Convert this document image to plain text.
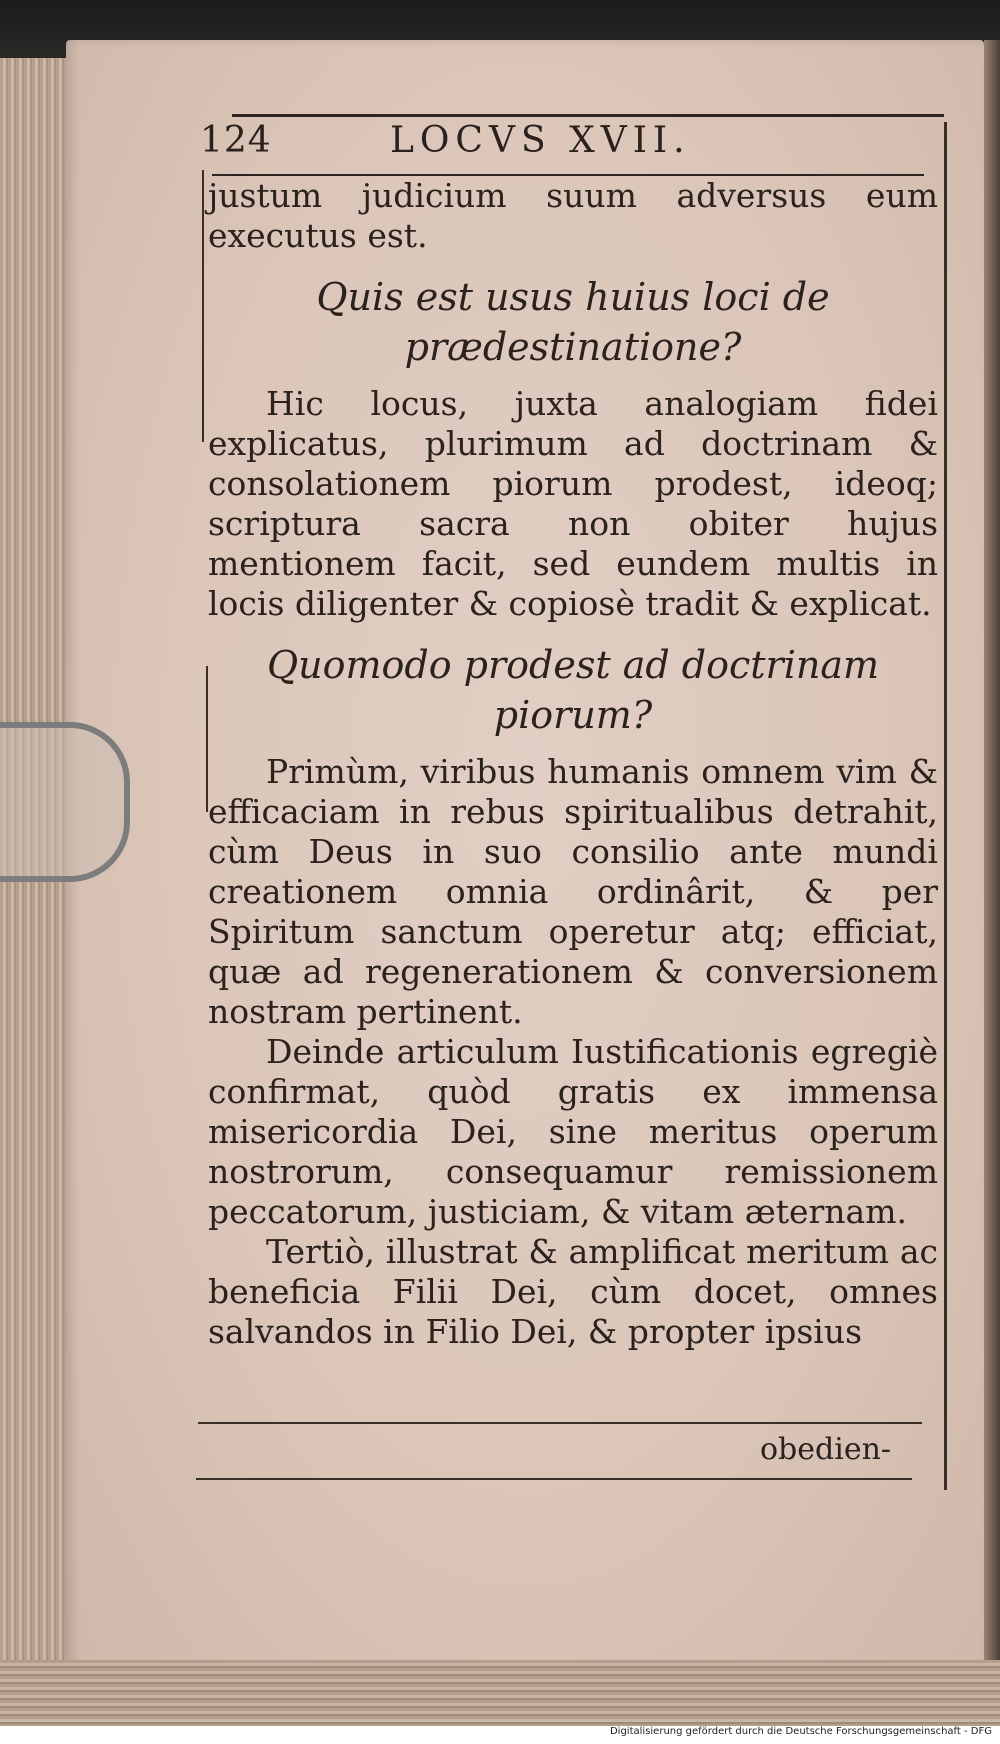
124	LOCVS XVII.

justum judicium suum adversus eum executus est.

Quis est usus huius loci de prædestinatione?

Hic locus, juxta analogiam fidei explicatus, plurimum ad doctrinam & consolationem piorum prodest, ideoq; scriptura sacra non obiter hujus mentionem facit, sed eundem multis in locis diligenter & copiosè tradit & explicat.

Quomodo prodest ad doctrinam piorum?

Primùm, viribus humanis omnem vim & efficaciam in rebus spiritualibus detrahit, cùm Deus in suo consilio ante mundi creationem omnia ordinârit, & per Spiritum sanctum operetur atq; efficiat, quæ ad regenerationem & conversionem nostram pertinent.

Deinde articulum Iustificationis egregiè confirmat, quòd gratis ex immensa misericordia Dei, sine meritus operum nostrorum, consequamur remissionem peccatorum, justiciam, & vitam æternam.

Tertiò, illustrat & amplificat meritum ac beneficia Filii Dei, cùm docet, omnes salvandos in Filio Dei, & propter ipsius

obedien-
Digitalisierung gefördert durch die Deutsche Forschungsgemeinschaft - DFG
